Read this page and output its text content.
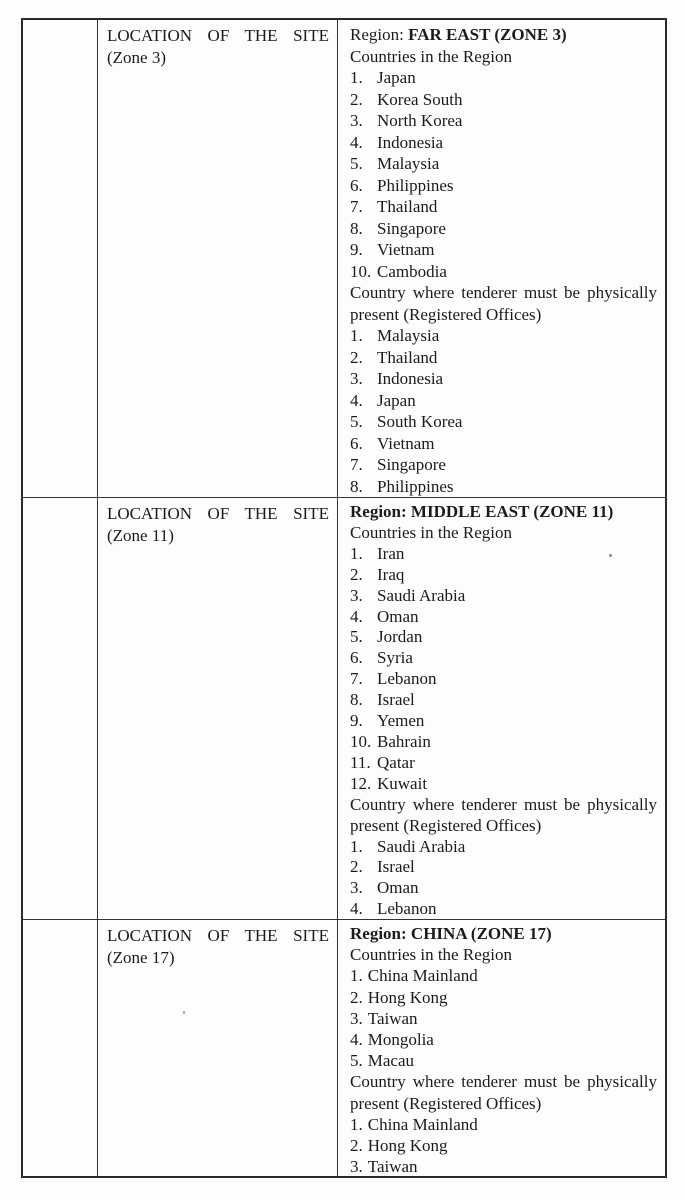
LOCATION OF THE SITE
(Zone 3)
Region: FAR EAST (ZONE 3)
Countries in the Region
1. Japan
2. Korea South
3. North Korea
4. Indonesia
5. Malaysia
6. Philippines
7. Thailand
8. Singapore
9. Vietnam
10. Cambodia
Country where tenderer must be physically present (Registered Offices)
1. Malaysia
2. Thailand
3. Indonesia
4. Japan
5. South Korea
6. Vietnam
7. Singapore
8. Philippines
LOCATION OF THE SITE
(Zone 11)
Region: MIDDLE EAST (ZONE 11)
Countries in the Region
1. Iran
2. Iraq
3. Saudi Arabia
4. Oman
5. Jordan
6. Syria
7. Lebanon
8. Israel
9. Yemen
10. Bahrain
11. Qatar
12. Kuwait
Country where tenderer must be physically present (Registered Offices)
1. Saudi Arabia
2. Israel
3. Oman
4. Lebanon
LOCATION OF THE SITE
(Zone 17)
Region: CHINA (ZONE 17)
Countries in the Region
1. China Mainland
2. Hong Kong
3. Taiwan
4. Mongolia
5. Macau
Country where tenderer must be physically present (Registered Offices)
1. China Mainland
2. Hong Kong
3. Taiwan
